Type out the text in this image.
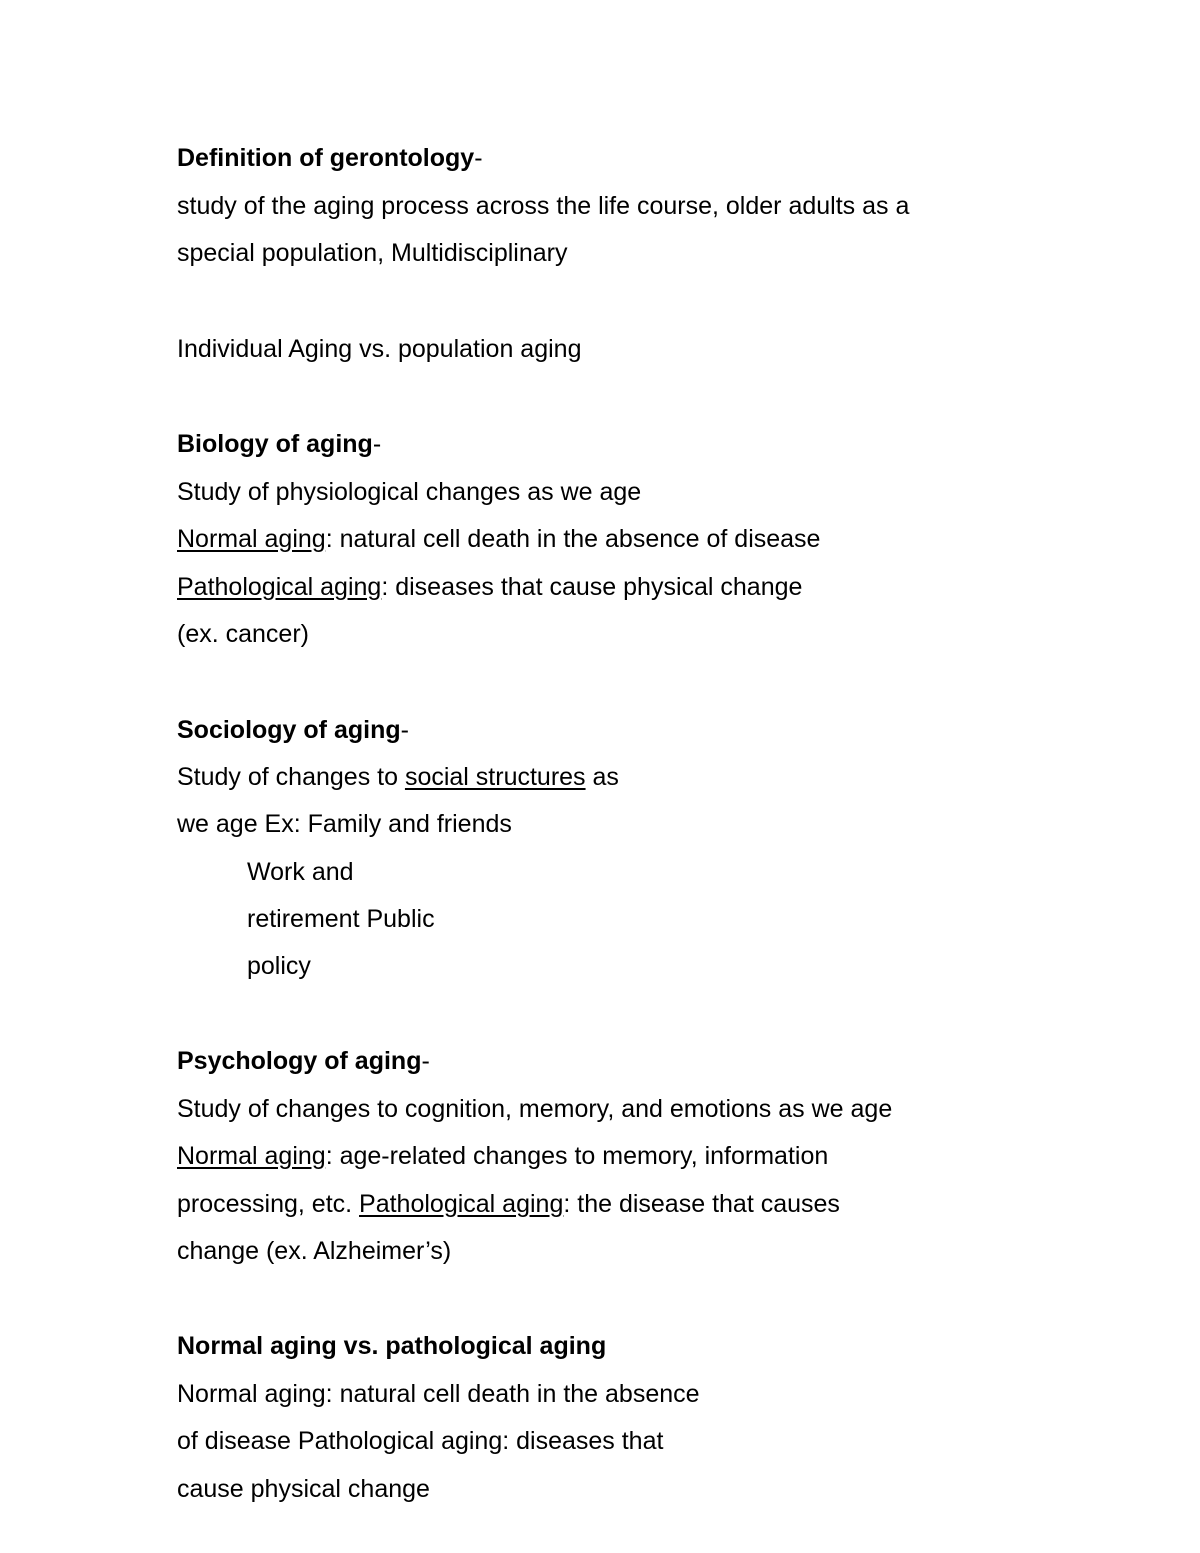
Definition of gerontology-
study of the aging process across the life course, older adults as a
special population, Multidisciplinary
Individual Aging vs. population aging
Biology of aging-
Study of physiological changes as we age
Normal aging: natural cell death in the absence of disease
Pathological aging: diseases that cause physical change
(ex. cancer)
Sociology of aging-
Study of changes to social structures as
we age Ex: Family and friends
Work and
retirement Public
policy
Psychology of aging-
Study of changes to cognition, memory, and emotions as we age
Normal aging: age-related changes to memory, information
processing, etc. Pathological aging: the disease that causes
change (ex. Alzheimer’s)
Normal aging vs. pathological aging
Normal aging: natural cell death in the absence
of disease Pathological aging: diseases that
cause physical change
